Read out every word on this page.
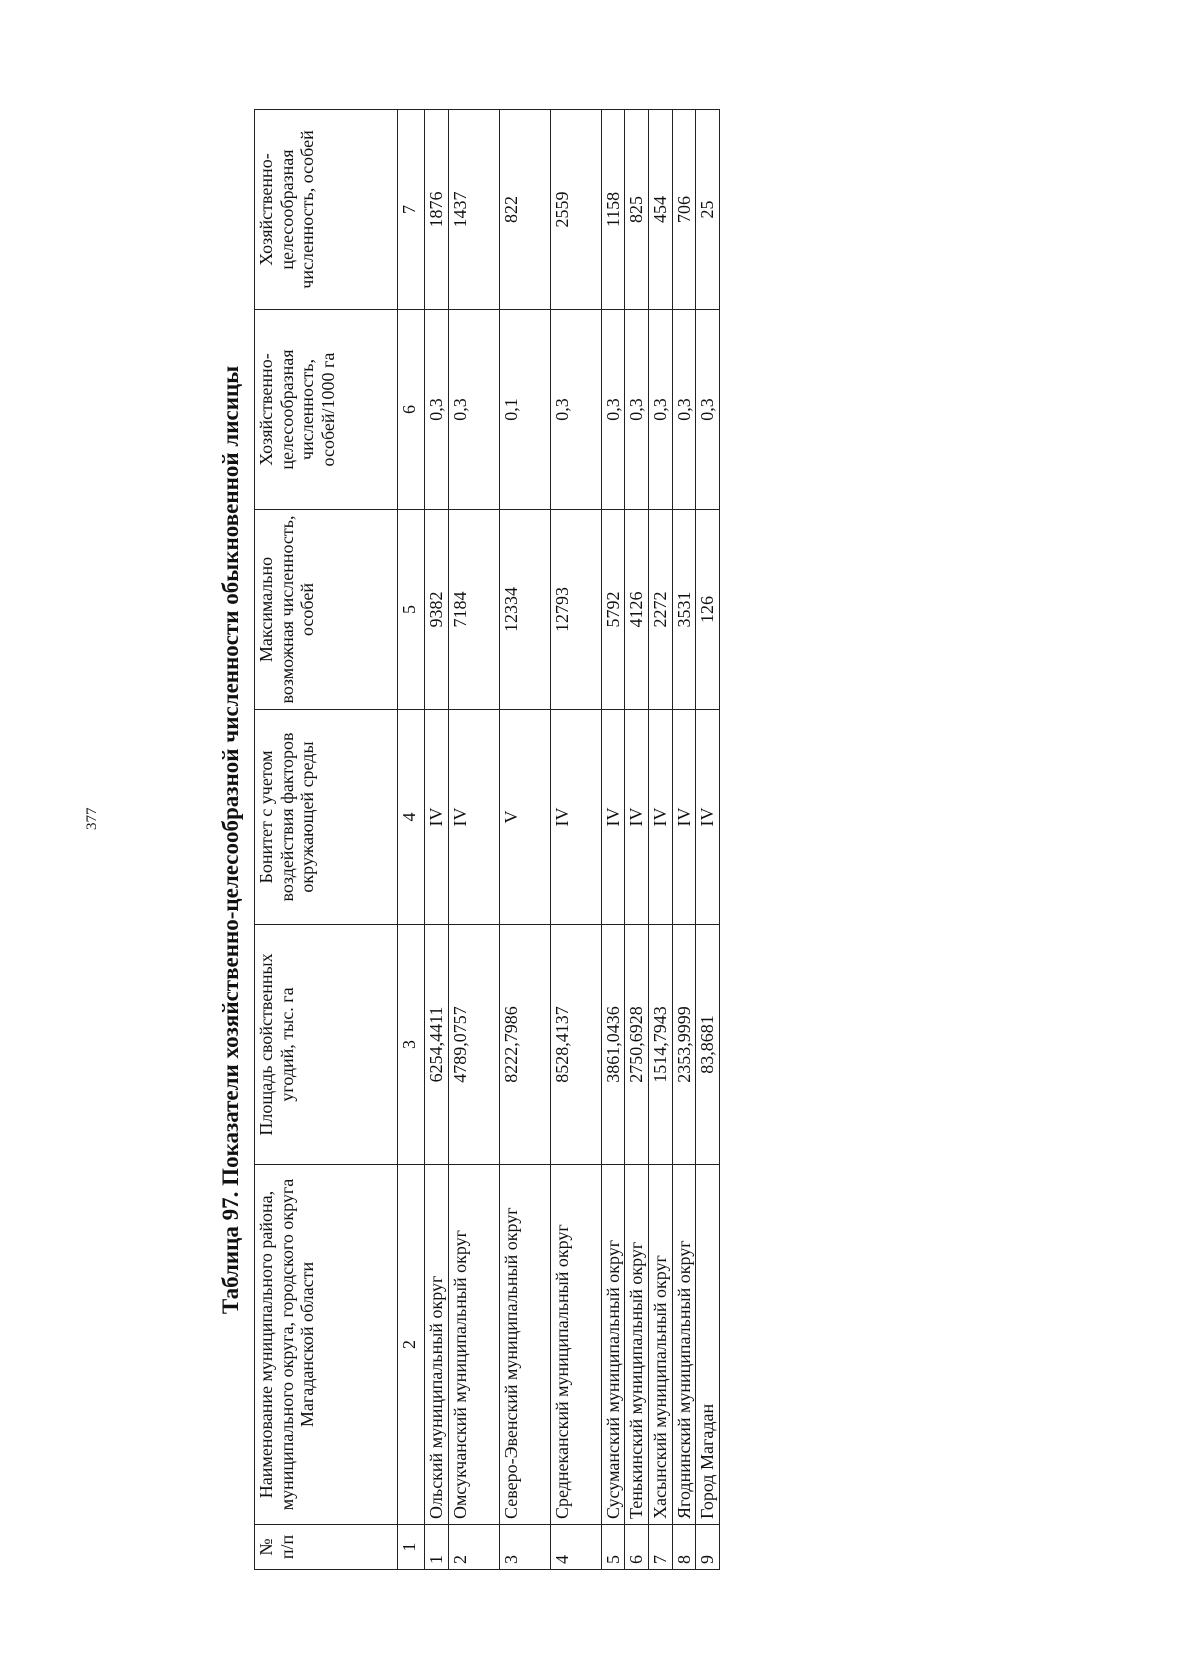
377	Таблица 97. Показатели хозяйственно-целесообразной численности обыкновенной лисицы
№ п/п	Наименование муниципального района, муниципального округа, городского округа Магаданской области	Площадь свойственных угодий, тыс. га	Бонитет с учетом воздействия факторов окружающей среды	Максимально возможная численность, особей	Хозяйственно-целесообразная численность, особей/1000 га	Хозяйственно-целесообразная численность, особей
1	2	3	4	5	6	7
1	Ольский муниципальный округ	6254,4411	IV	9382	0,3	1876
2	Омсукчанский муниципальный округ	4789,0757	IV	7184	0,3	1437
3	Северо-Эвенский муниципальный округ	8222,7986	V	12334	0,1	822
4	Среднеканский муниципальный округ	8528,4137	IV	12793	0,3	2559
5	Сусуманский муниципальный округ	3861,0436	IV	5792	0,3	1158
6	Тенькинский муниципальный округ	2750,6928	IV	4126	0,3	825
7	Хасынский муниципальный округ	1514,7943	IV	2272	0,3	454
8	Ягоднинский муниципальный округ	2353,9999	IV	3531	0,3	706
9	Город Магадан	83,8681	IV	126	0,3	25
